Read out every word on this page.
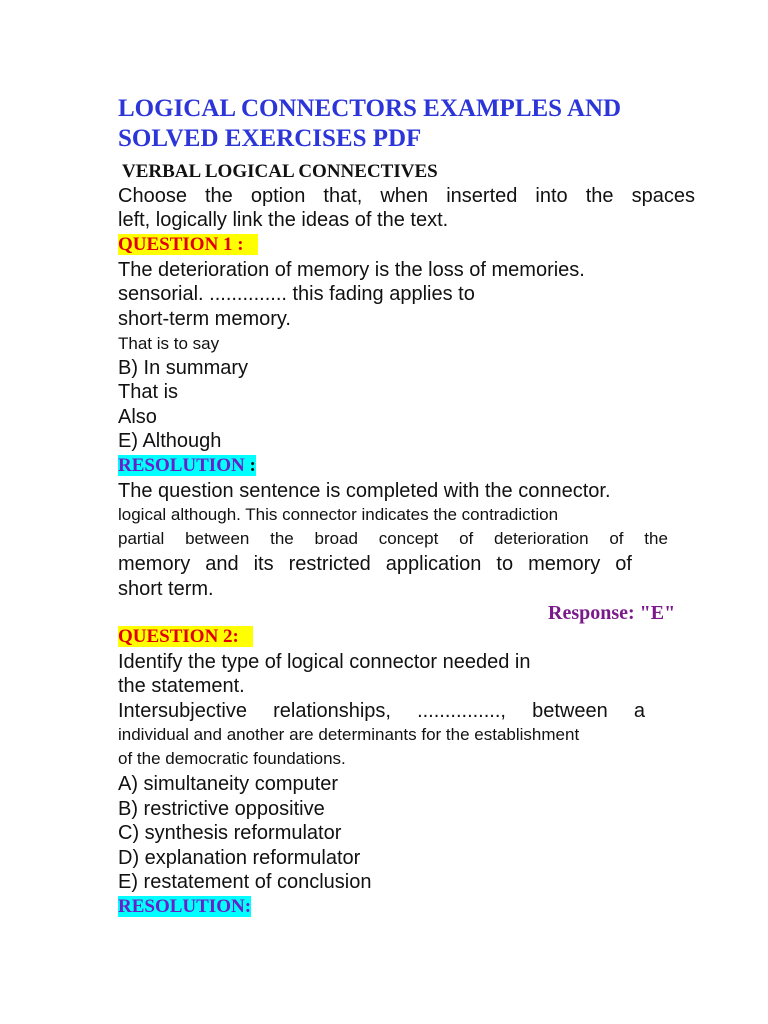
LOGICAL CONNECTORS EXAMPLES AND
SOLVED EXERCISES PDF
VERBAL LOGICAL CONNECTIVES
Choose the option that, when inserted into the spaces
left, logically link the ideas of the text.
QUESTION 1 :
The deterioration of memory is the loss of memories.
sensorial. .............. this fading applies to
short-term memory.
That is to say
B) In summary
That is
Also
E) Although
RESOLUTION :
The question sentence is completed with the connector.
logical although. This connector indicates the contradiction
partial between the broad concept of deterioration of the
memory and its restricted application to memory of
short term.
Response: "E"
QUESTION 2:
Identify the type of logical connector needed in
the statement.
Intersubjective relationships, ..............., between a
individual and another are determinants for the establishment
of the democratic foundations.
A) simultaneity computer
B) restrictive oppositive
C) synthesis reformulator
D) explanation reformulator
E) restatement of conclusion
RESOLUTION:
